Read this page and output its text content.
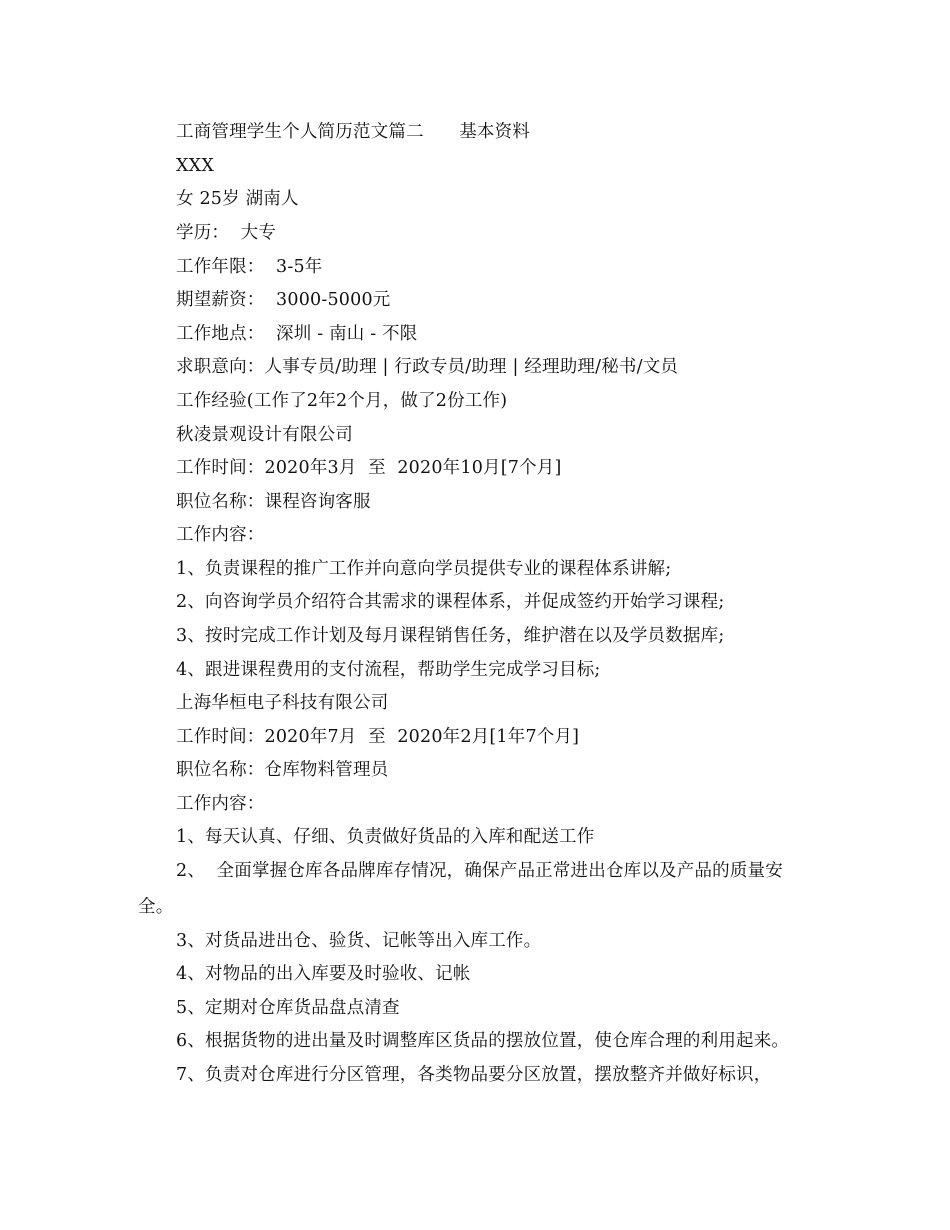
工商管理学生个人简历范文篇二　　基本资料
XXX
女 25岁 湖南人
学历：  大专
工作年限：  3-5年
期望薪资：  3000-5000元
工作地点：  深圳 - 南山 - 不限
求职意向：人事专员/助理 | 行政专员/助理 | 经理助理/秘书/文员
工作经验(工作了2年2个月，做了2份工作)
秋凌景观设计有限公司
工作时间：2020年3月  至  2020年10月[7个月]
职位名称：课程咨询客服
工作内容：
1、负责课程的推广工作并向意向学员提供专业的课程体系讲解;
2、向咨询学员介绍符合其需求的课程体系，并促成签约开始学习课程;
3、按时完成工作计划及每月课程销售任务，维护潜在以及学员数据库;
4、跟进课程费用的支付流程，帮助学生完成学习目标;
上海华桓电子科技有限公司
工作时间：2020年7月  至  2020年2月[1年7个月]
职位名称：仓库物料管理员
工作内容：
1、每天认真、仔细、负责做好货品的入库和配送工作
2、  全面掌握仓库各品牌库存情况，确保产品正常进出仓库以及产品的质量安
全。
3、对货品进出仓、验货、记帐等出入库工作。
4、对物品的出入库要及时验收、记帐
5、定期对仓库货品盘点清查
6、根据货物的进出量及时调整库区货品的摆放位置，使仓库合理的利用起来。
7、负责对仓库进行分区管理，各类物品要分区放置，摆放整齐并做好标识，
